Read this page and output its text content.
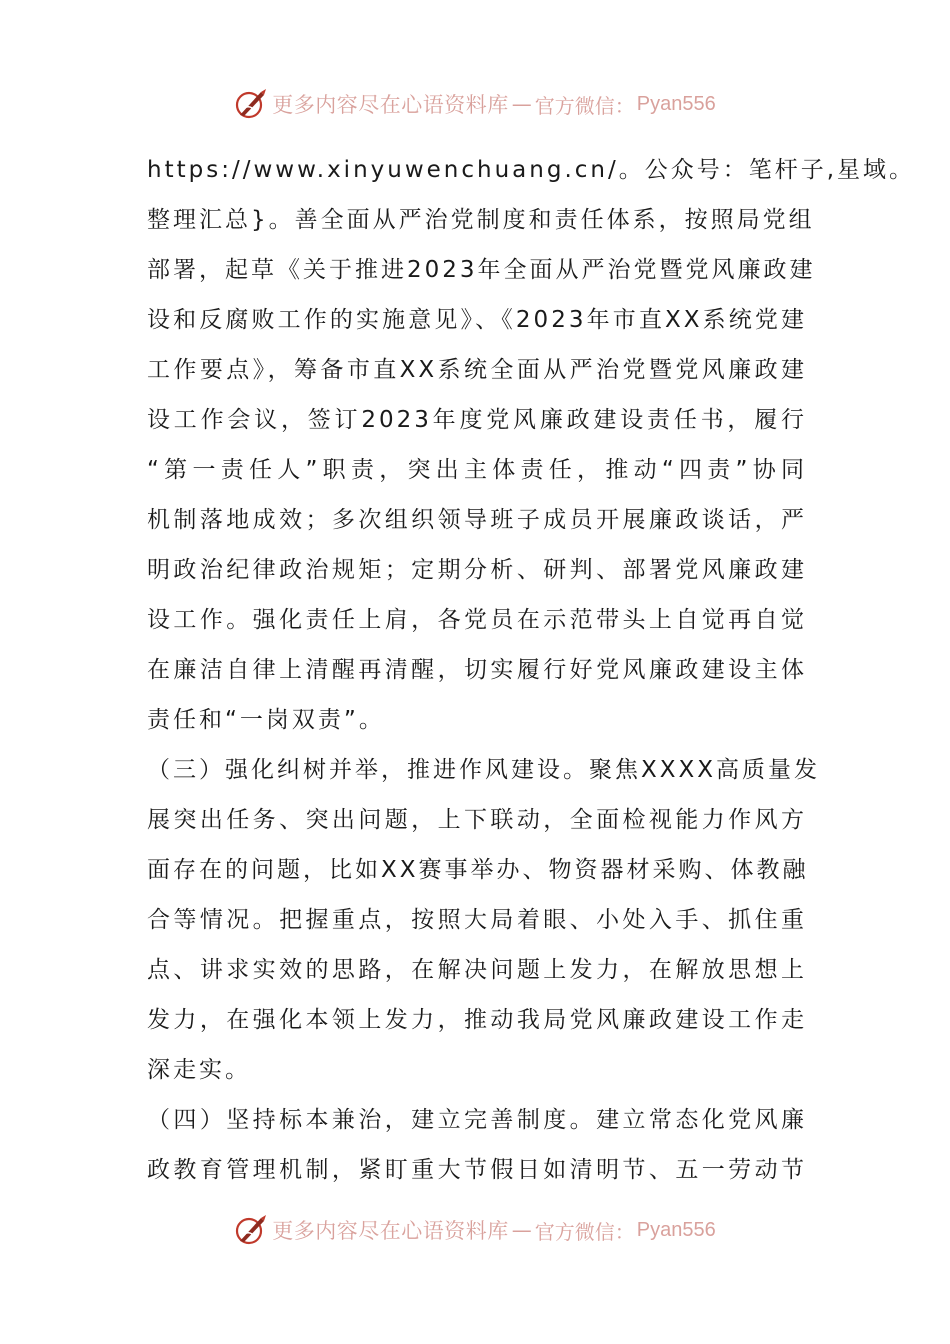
更多内容尽在心语资料库 — 官方微信： Pyan556
https://www.xinyuwenchuang.cn/。公众号：笔杆子,星域。
整理汇总}。善全面从严治党制度和责任体系，按照局党组
部署，起草《关于推进2023年全面从严治党暨党风廉政建
设和反腐败工作的实施意见》、《2023年市直XX系统党建
工作要点》，筹备市直XX系统全面从严治党暨党风廉政建
设工作会议，签订2023年度党风廉政建设责任书，履行
“第一责任人”职责，突出主体责任，推动“四责”协同
机制落地成效；多次组织领导班子成员开展廉政谈话，严
明政治纪律政治规矩；定期分析、研判、部署党风廉政建
设工作。强化责任上肩，各党员在示范带头上自觉再自觉
在廉洁自律上清醒再清醒，切实履行好党风廉政建设主体
责任和“一岗双责”。
（三）强化纠树并举，推进作风建设。聚焦XXXX高质量发
展突出任务、突出问题，上下联动，全面检视能力作风方
面存在的问题，比如XX赛事举办、物资器材采购、体教融
合等情况。把握重点，按照大局着眼、小处入手、抓住重
点、讲求实效的思路，在解决问题上发力，在解放思想上
发力，在强化本领上发力，推动我局党风廉政建设工作走
深走实。
（四）坚持标本兼治，建立完善制度。建立常态化党风廉
政教育管理机制，紧盯重大节假日如清明节、五一劳动节
更多内容尽在心语资料库 — 官方微信： Pyan556
